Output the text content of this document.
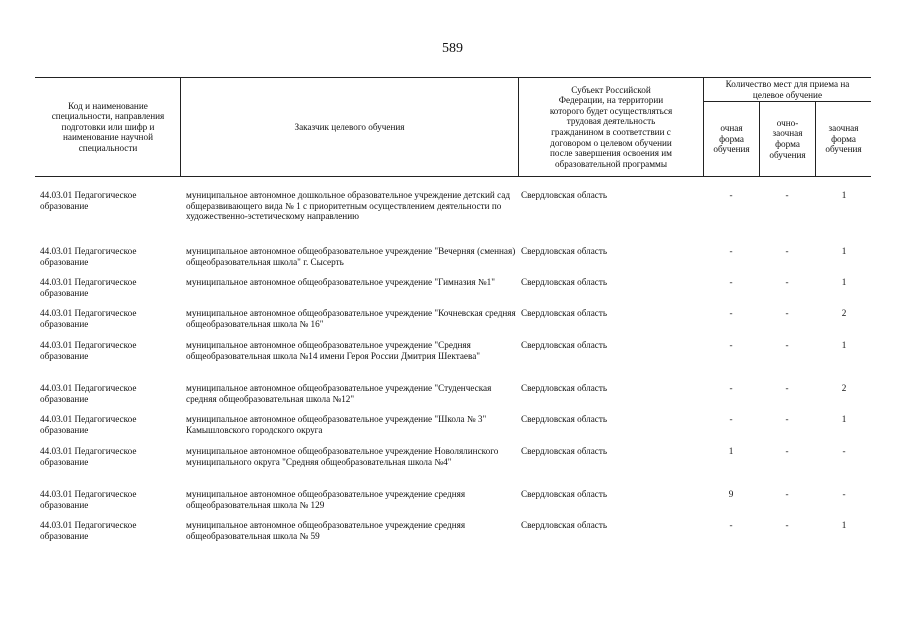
589
Код и наименование специальности, направления подготовки или шифр и наименование научной специальности
Заказчик целевого обучения
Субъект Российской Федерации, на территории которого будет осуществляться трудовая деятельность гражданином в соответствии с договором о целевом обучении после завершения освоения им образовательной программы
Количество мест для приема на целевое обучение
очная форма обучения
очно-заочная форма обучения
заочная форма обучения
44.03.01 Педагогическое образование
муниципальное автономное дошкольное образовательное учреждение детский сад общеразвивающего вида № 1 с приоритетным осуществлением деятельности по художественно-эстетическому направлению
Свердловская область	-	-	1
44.03.01 Педагогическое образование
муниципальное автономное общеобразовательное учреждение "Вечерняя (сменная) общеобразовательная школа" г. Сысерть
Свердловская область	-	-	1
44.03.01 Педагогическое образование
муниципальное автономное общеобразовательное учреждение "Гимназия №1"	Свердловская область	-	-	1
44.03.01 Педагогическое образование
муниципальное автономное общеобразовательное учреждение "Кочневская средняя общеобразовательная школа № 16"
Свердловская область	-	-	2
44.03.01 Педагогическое образование
муниципальное автономное общеобразовательное учреждение "Средняя общеобразовательная школа №14 имени Героя России Дмитрия Шектаева"
Свердловская область	-	-	1
44.03.01 Педагогическое образование
муниципальное автономное общеобразовательное учреждение "Студенческая средняя общеобразовательная школа №12"
Свердловская область	-	-	2
44.03.01 Педагогическое образование
муниципальное автономное общеобразовательное учреждение "Школа № 3" Камышловского городского округа
Свердловская область	-	-	1
44.03.01 Педагогическое образование
муниципальное автономное общеобразовательное учреждение Новолялинского муниципального округа "Средняя общеобразовательная школа №4"
Свердловская область	1	-	-
44.03.01 Педагогическое образование
муниципальное автономное общеобразовательное учреждение средняя общеобразовательная школа № 129
Свердловская область	9	-	-
44.03.01 Педагогическое образование
муниципальное автономное общеобразовательное учреждение средняя общеобразовательная школа № 59
Свердловская область	-	-	1
